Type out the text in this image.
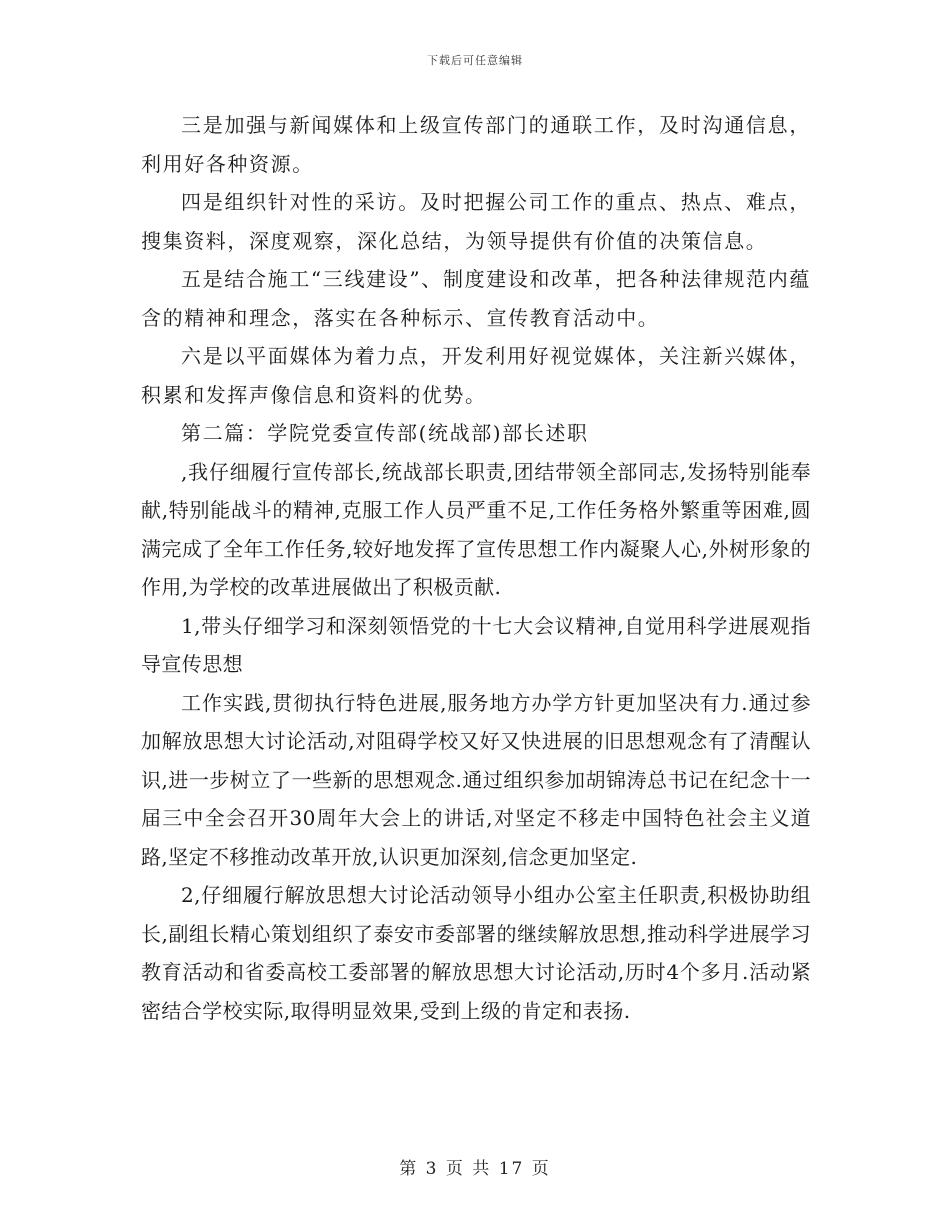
下载后可任意编辑

三是加强与新闻媒体和上级宣传部门的通联工作，及时沟通信息，利用好各种资源。

四是组织针对性的采访。及时把握公司工作的重点、热点、难点，搜集资料，深度观察，深化总结，为领导提供有价值的决策信息。

五是结合施工“三线建设”、制度建设和改革，把各种法律规范内蕴含的精神和理念，落实在各种标示、宣传教育活动中。

六是以平面媒体为着力点，开发利用好视觉媒体，关注新兴媒体，积累和发挥声像信息和资料的优势。

第二篇：学院党委宣传部(统战部)部长述职

,我仔细履行宣传部长,统战部长职责,团结带领全部同志,发扬特别能奉献,特别能战斗的精神,克服工作人员严重不足,工作任务格外繁重等困难,圆满完成了全年工作任务,较好地发挥了宣传思想工作内凝聚人心,外树形象的作用,为学校的改革进展做出了积极贡献.

1,带头仔细学习和深刻领悟党的十七大会议精神,自觉用科学进展观指导宣传思想

工作实践,贯彻执行特色进展,服务地方办学方针更加坚决有力.通过参加解放思想大讨论活动,对阻碍学校又好又快进展的旧思想观念有了清醒认识,进一步树立了一些新的思想观念.通过组织参加胡锦涛总书记在纪念十一届三中全会召开30周年大会上的讲话,对坚定不移走中国特色社会主义道路,坚定不移推动改革开放,认识更加深刻,信念更加坚定.

2,仔细履行解放思想大讨论活动领导小组办公室主任职责,积极协助组长,副组长精心策划组织了泰安市委部署的继续解放思想,推动科学进展学习教育活动和省委高校工委部署的解放思想大讨论活动,历时4个多月.活动紧密结合学校实际,取得明显效果,受到上级的肯定和表扬.

第 3 页 共 17 页
